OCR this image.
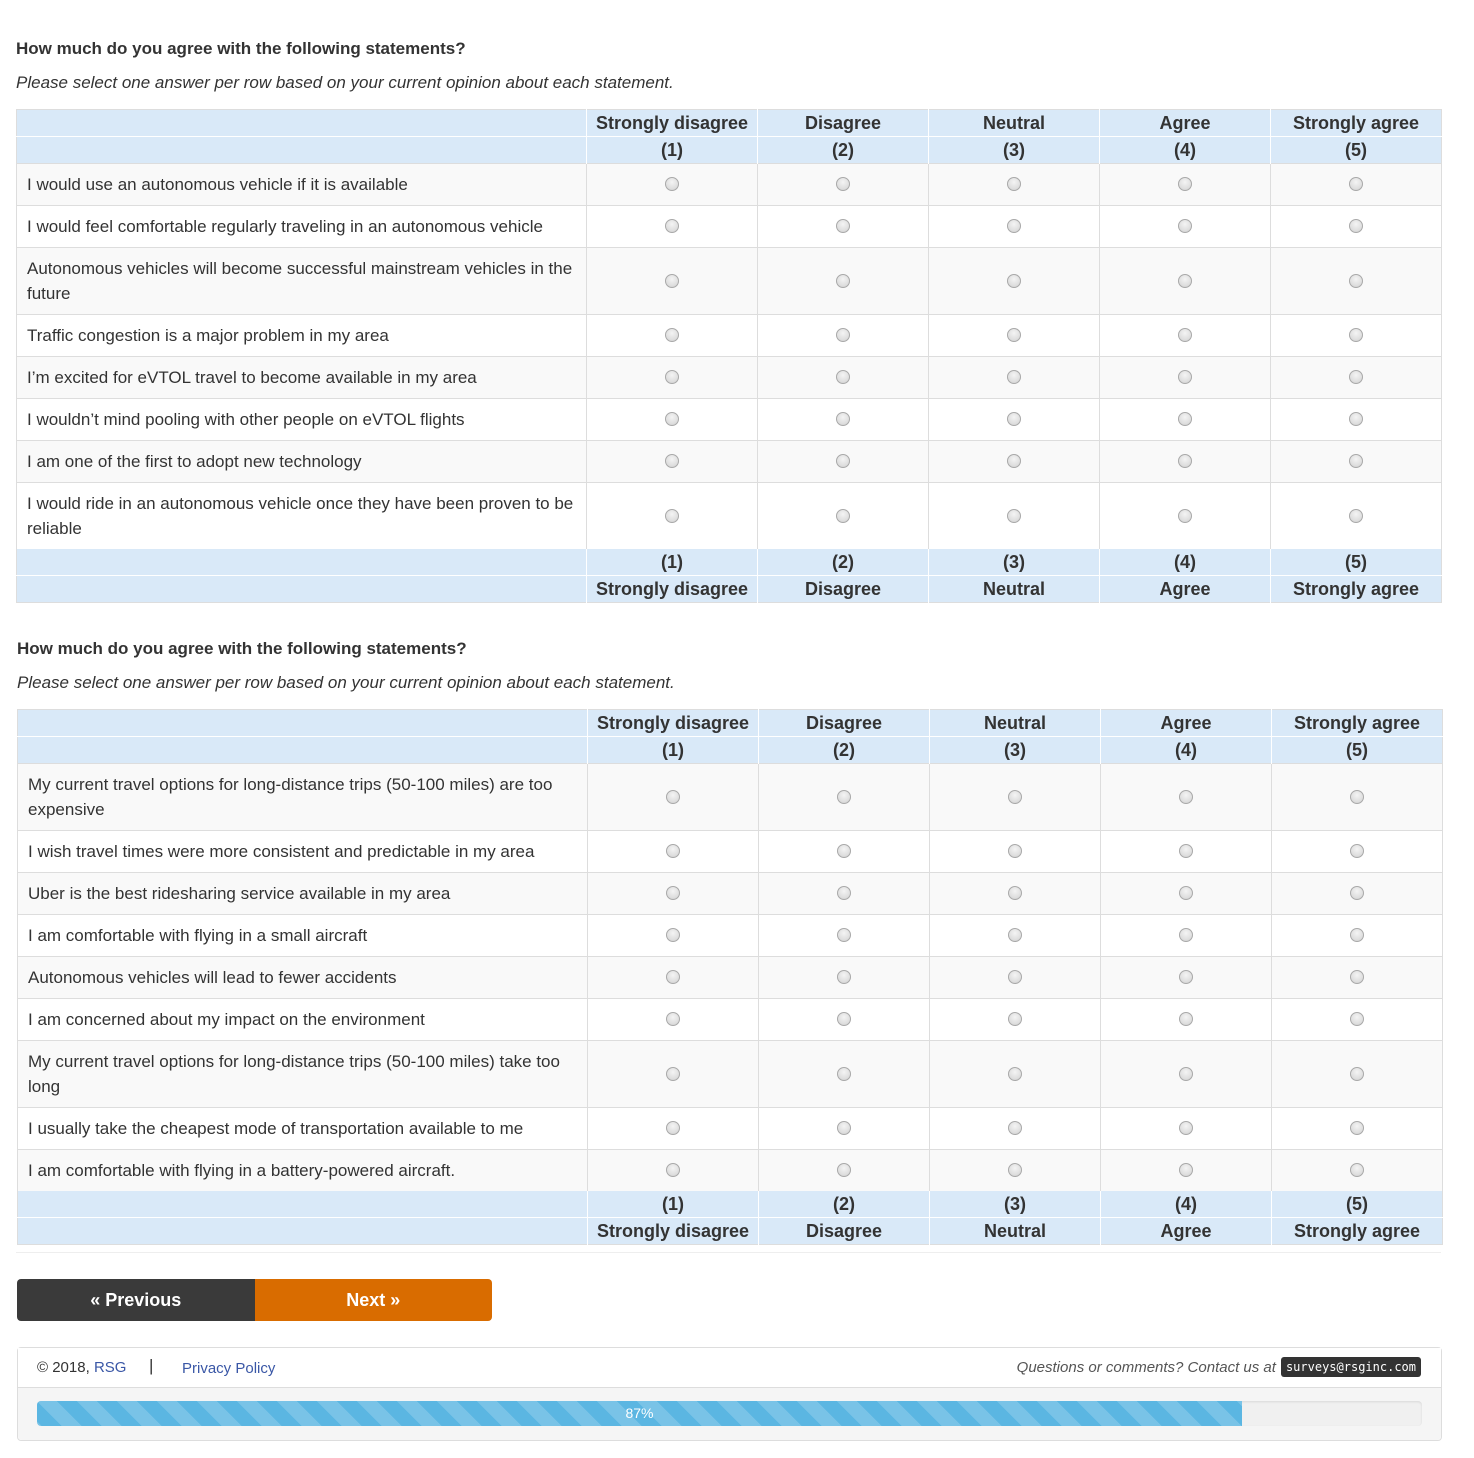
How much do you agree with the following statements?

Please select one answer per row based on your current opinion about each statement.

	Strongly disagree	Disagree	Neutral	Agree	Strongly agree
	(1)	(2)	(3)	(4)	(5)
I would use an autonomous vehicle if it is available					
I would feel comfortable regularly traveling in an autonomous vehicle					
Autonomous vehicles will become successful mainstream vehicles in the future					
Traffic congestion is a major problem in my area					
I’m excited for eVTOL travel to become available in my area					
I wouldn’t mind pooling with other people on eVTOL flights					
I am one of the first to adopt new technology					
I would ride in an autonomous vehicle once they have been proven to be reliable					
	(1)	(2)	(3)	(4)	(5)
	Strongly disagree	Disagree	Neutral	Agree	Strongly agree

How much do you agree with the following statements?

Please select one answer per row based on your current opinion about each statement.

	Strongly disagree	Disagree	Neutral	Agree	Strongly agree
	(1)	(2)	(3)	(4)	(5)
My current travel options for long-distance trips (50-100 miles) are too expensive					
I wish travel times were more consistent and predictable in my area					
Uber is the best ridesharing service available in my area					
I am comfortable with flying in a small aircraft					
Autonomous vehicles will lead to fewer accidents					
I am concerned about my impact on the environment					
My current travel options for long-distance trips (50-100 miles) take too long					
I usually take the cheapest mode of transportation available to me					
I am comfortable with flying in a battery-powered aircraft.					
	(1)	(2)	(3)	(4)	(5)
	Strongly disagree	Disagree	Neutral	Agree	Strongly agree
« Previous	Next »
© 2018, RSG | Privacy Policy	Questions or comments? Contact us at surveys@rsginc.com
87%
